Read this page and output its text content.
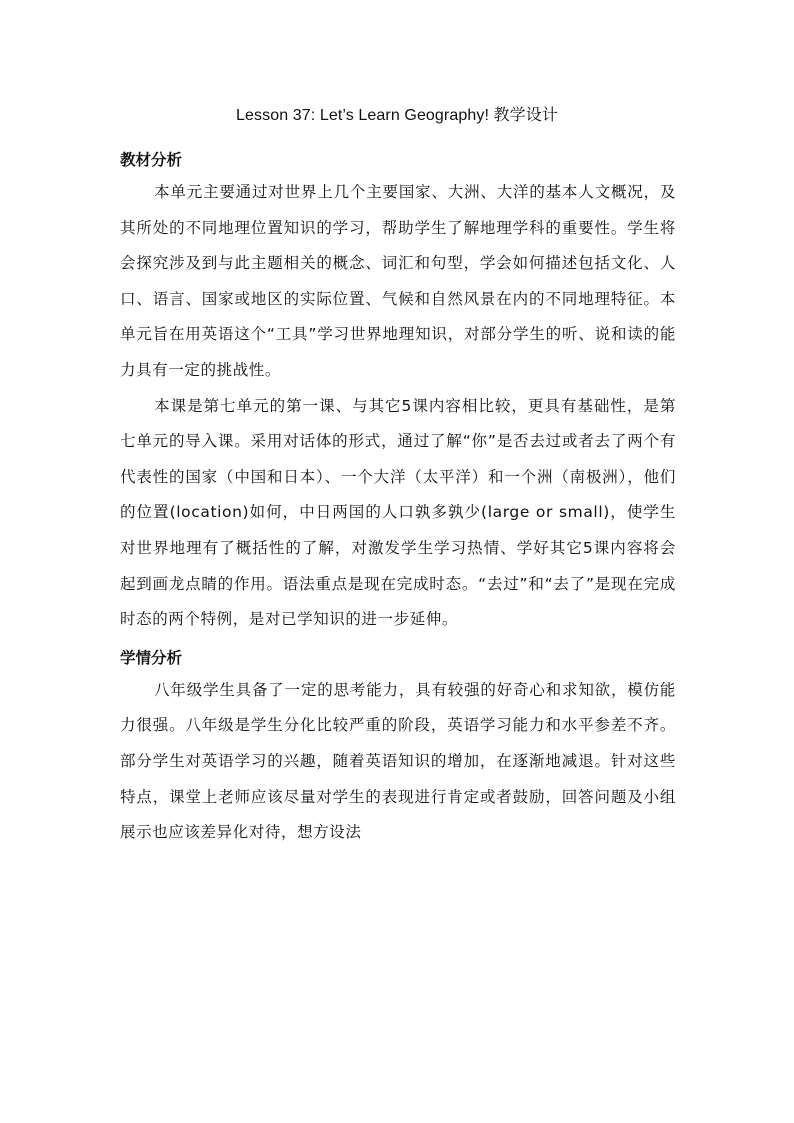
Lesson 37: Let’s Learn Geography! 教学设计
教材分析

本单元主要通过对世界上几个主要国家、大洲、大洋的基本人文概况，及其所处的不同地理位置知识的学习，帮助学生了解地理学科的重要性。学生将会探究涉及到与此主题相关的概念、词汇和句型，学会如何描述包括文化、人口、语言、国家或地区的实际位置、气候和自然风景在内的不同地理特征。本单元旨在用英语这个“工具”学习世界地理知识，对部分学生的听、说和读的能力具有一定的挑战性。

本课是第七单元的第一课、与其它5课内容相比较，更具有基础性，是第七单元的导入课。采用对话体的形式，通过了解“你”是否去过或者去了两个有代表性的国家（中国和日本）、一个大洋（太平洋）和一个洲（南极洲），他们的位置(location)如何，中日两国的人口孰多孰少(large or small)，使学生对世界地理有了概括性的了解，对激发学生学习热情、学好其它5课内容将会起到画龙点睛的作用。语法重点是现在完成时态。“去过”和“去了”是现在完成时态的两个特例，是对已学知识的进一步延伸。

学情分析

八年级学生具备了一定的思考能力，具有较强的好奇心和求知欲，模仿能力很强。八年级是学生分化比较严重的阶段，英语学习能力和水平参差不齐。部分学生对英语学习的兴趣，随着英语知识的增加，在逐渐地减退。针对这些特点，课堂上老师应该尽量对学生的表现进行肯定或者鼓励，回答问题及小组展示也应该差异化对待，想方设法
